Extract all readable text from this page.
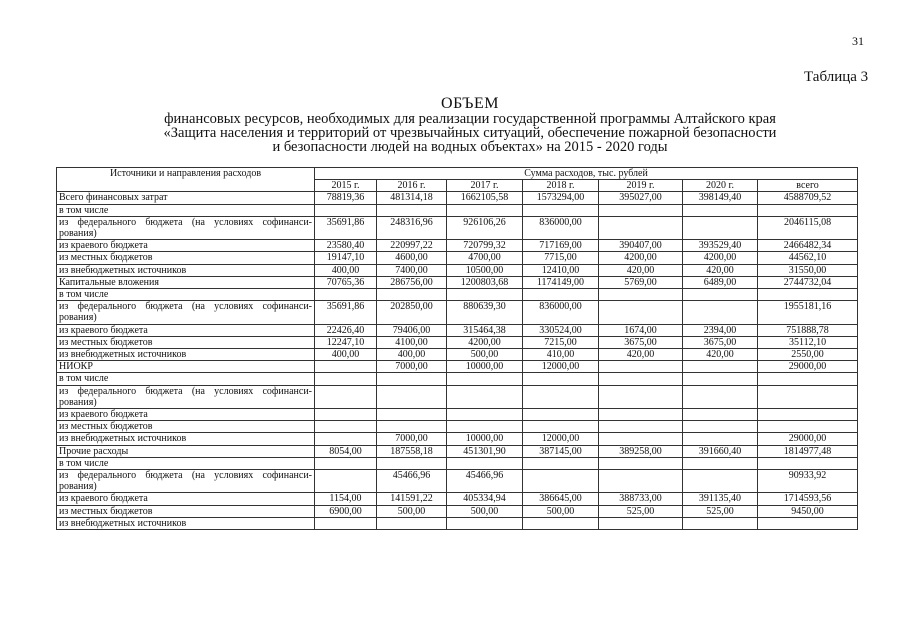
31
Таблица 3
ОБЪЕМ
финансовых ресурсов, необходимых для реализации государственной программы Алтайского края
«Защита населения и территорий от чрезвычайных ситуаций, обеспечение пожарной безопасности
и безопасности людей на водных объектах» на 2015 - 2020 годы
Источники и направления расходов	Сумма расходов, тыс. рублей						
	2015 г.	2016 г.	2017 г.	2018 г.	2019 г.	2020 г.	всего
Всего финансовых затрат	78819,36	481314,18	1662105,58	1573294,00	395027,00	398149,40	4588709,52
в том числе							
из федерального бюджета (на условиях софинанси-рования)	35691,86	248316,96	926106,26	836000,00			2046115,08
из краевого бюджета	23580,40	220997,22	720799,32	717169,00	390407,00	393529,40	2466482,34
из местных бюджетов	19147,10	4600,00	4700,00	7715,00	4200,00	4200,00	44562,10
из внебюджетных источников	400,00	7400,00	10500,00	12410,00	420,00	420,00	31550,00
Капитальные вложения	70765,36	286756,00	1200803,68	1174149,00	5769,00	6489,00	2744732,04
в том числе							
из федерального бюджета (на условиях софинанси-рования)	35691,86	202850,00	880639,30	836000,00			1955181,16
из краевого бюджета	22426,40	79406,00	315464,38	330524,00	1674,00	2394,00	751888,78
из местных бюджетов	12247,10	4100,00	4200,00	7215,00	3675,00	3675,00	35112,10
из внебюджетных источников	400,00	400,00	500,00	410,00	420,00	420,00	2550,00
НИОКР		7000,00	10000,00	12000,00			29000,00
в том числе							
из федерального бюджета (на условиях софинанси-рования)							
из краевого бюджета							
из местных бюджетов							
из внебюджетных источников		7000,00	10000,00	12000,00			29000,00
Прочие расходы	8054,00	187558,18	451301,90	387145,00	389258,00	391660,40	1814977,48
в том числе							
из федерального бюджета (на условиях софинанси-рования)		45466,96	45466,96				90933,92
из краевого бюджета	1154,00	141591,22	405334,94	386645,00	388733,00	391135,40	1714593,56
из местных бюджетов	6900,00	500,00	500,00	500,00	525,00	525,00	9450,00
из внебюджетных источников							
